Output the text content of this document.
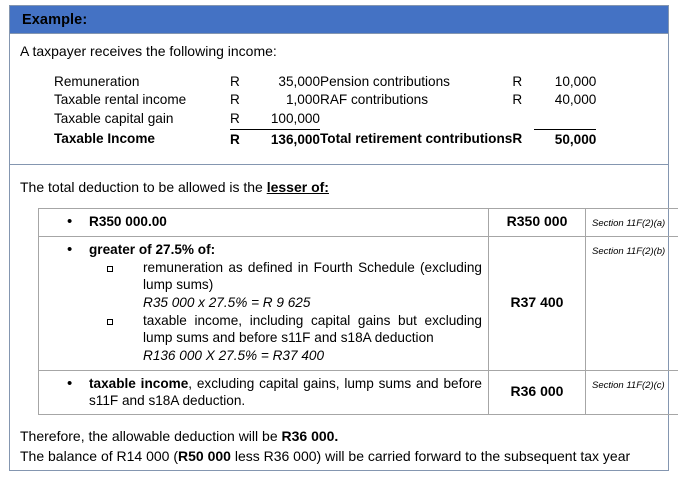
Example:
A taxpayer receives the following income:
Remuneration	R	35,000	Pension contributions	R	10,000
Taxable rental income	R	1,000	RAF contributions	R	40,000
Taxable capital gain	R	100,000			
Taxable Income	R	136,000	Total retirement contributions	R	50,000
The total deduction to be allowed is the lesser of:
• R350 000.00	R350 000	Section 11F(2)(a)

• greater of 27.5% of:
remuneration as defined in Fourth Schedule (excluding lump sums)
R35 000 x 27.5% = R 9 625
taxable income, including capital gains but excluding lump sums and before s11F and s18A deduction
R136 000 X 27.5% = R37 400
	R37 400	Section 11F(2)(b)

• taxable income, excluding capital gains, lump sums and before s11F and s18A deduction.
	R36 000	Section 11F(2)(c)
Therefore, the allowable deduction will be R36 000.
The balance of R14 000 (R50 000 less R36 000) will be carried forward to the subsequent tax year
